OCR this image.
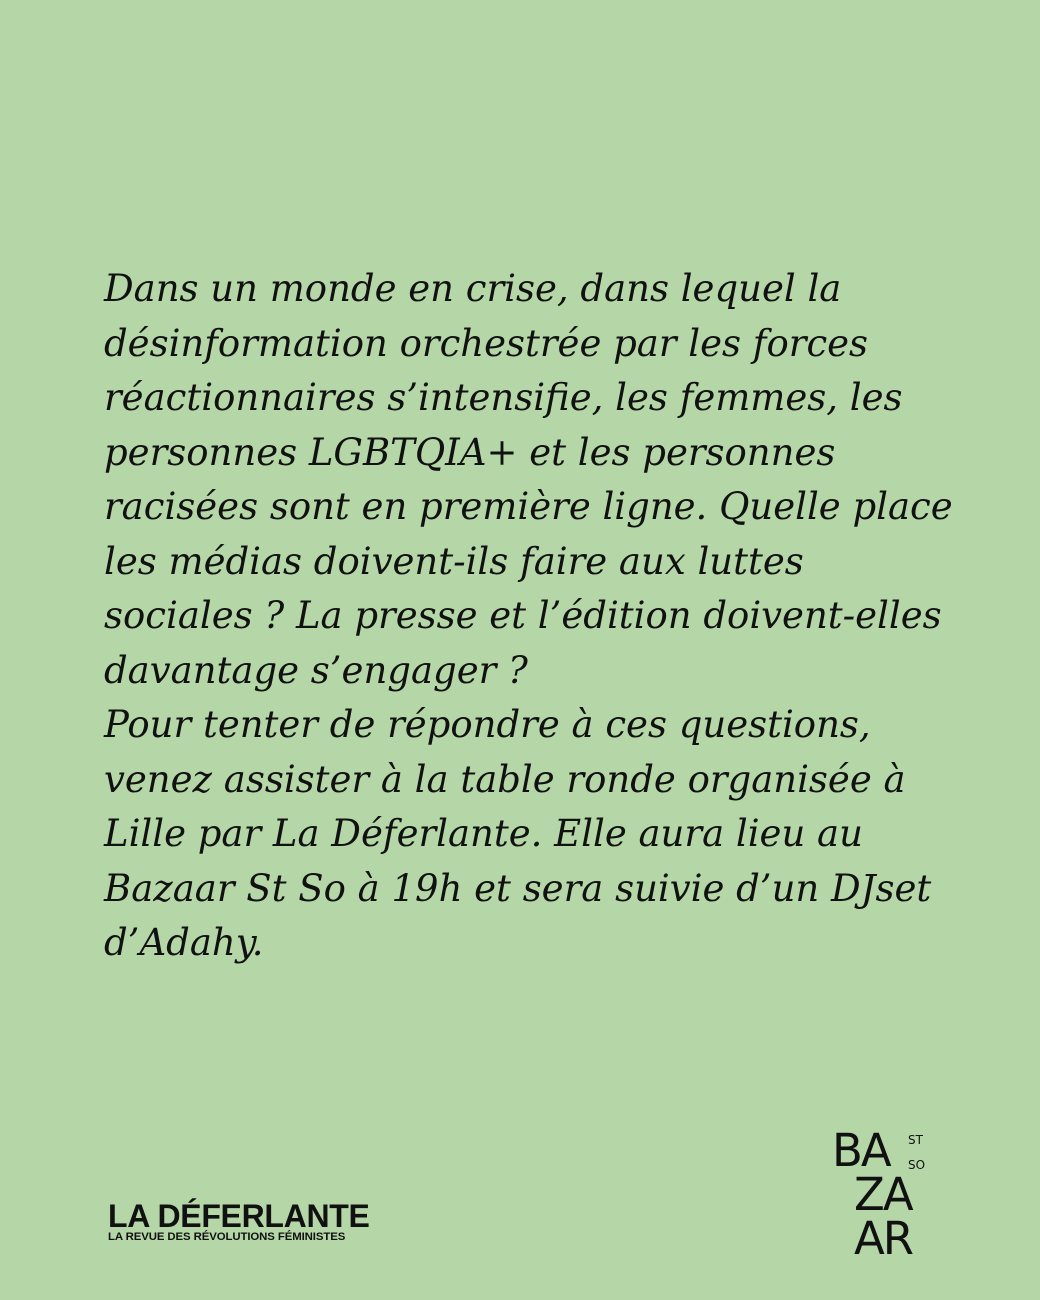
Dans un monde en crise, dans lequel la
désinformation orchestrée par les forces
réactionnaires s’intensifie, les femmes, les
personnes LGBTQIA+ et les personnes
racisées sont en première ligne. Quelle place
les médias doivent-ils faire aux luttes
sociales ? La presse et l’édition doivent-elles
davantage s’engager ?
Pour tenter de répondre à ces questions,
venez assister à la table ronde organisée à
Lille par La Déferlante. Elle aura lieu au
Bazaar St So à 19h et sera suivie d’un DJset
d’Adahy.

LA DÉFERLANTE
LA REVUE DES RÉVOLUTIONS FÉMINISTES
BA ST
SO
ZA
AR
